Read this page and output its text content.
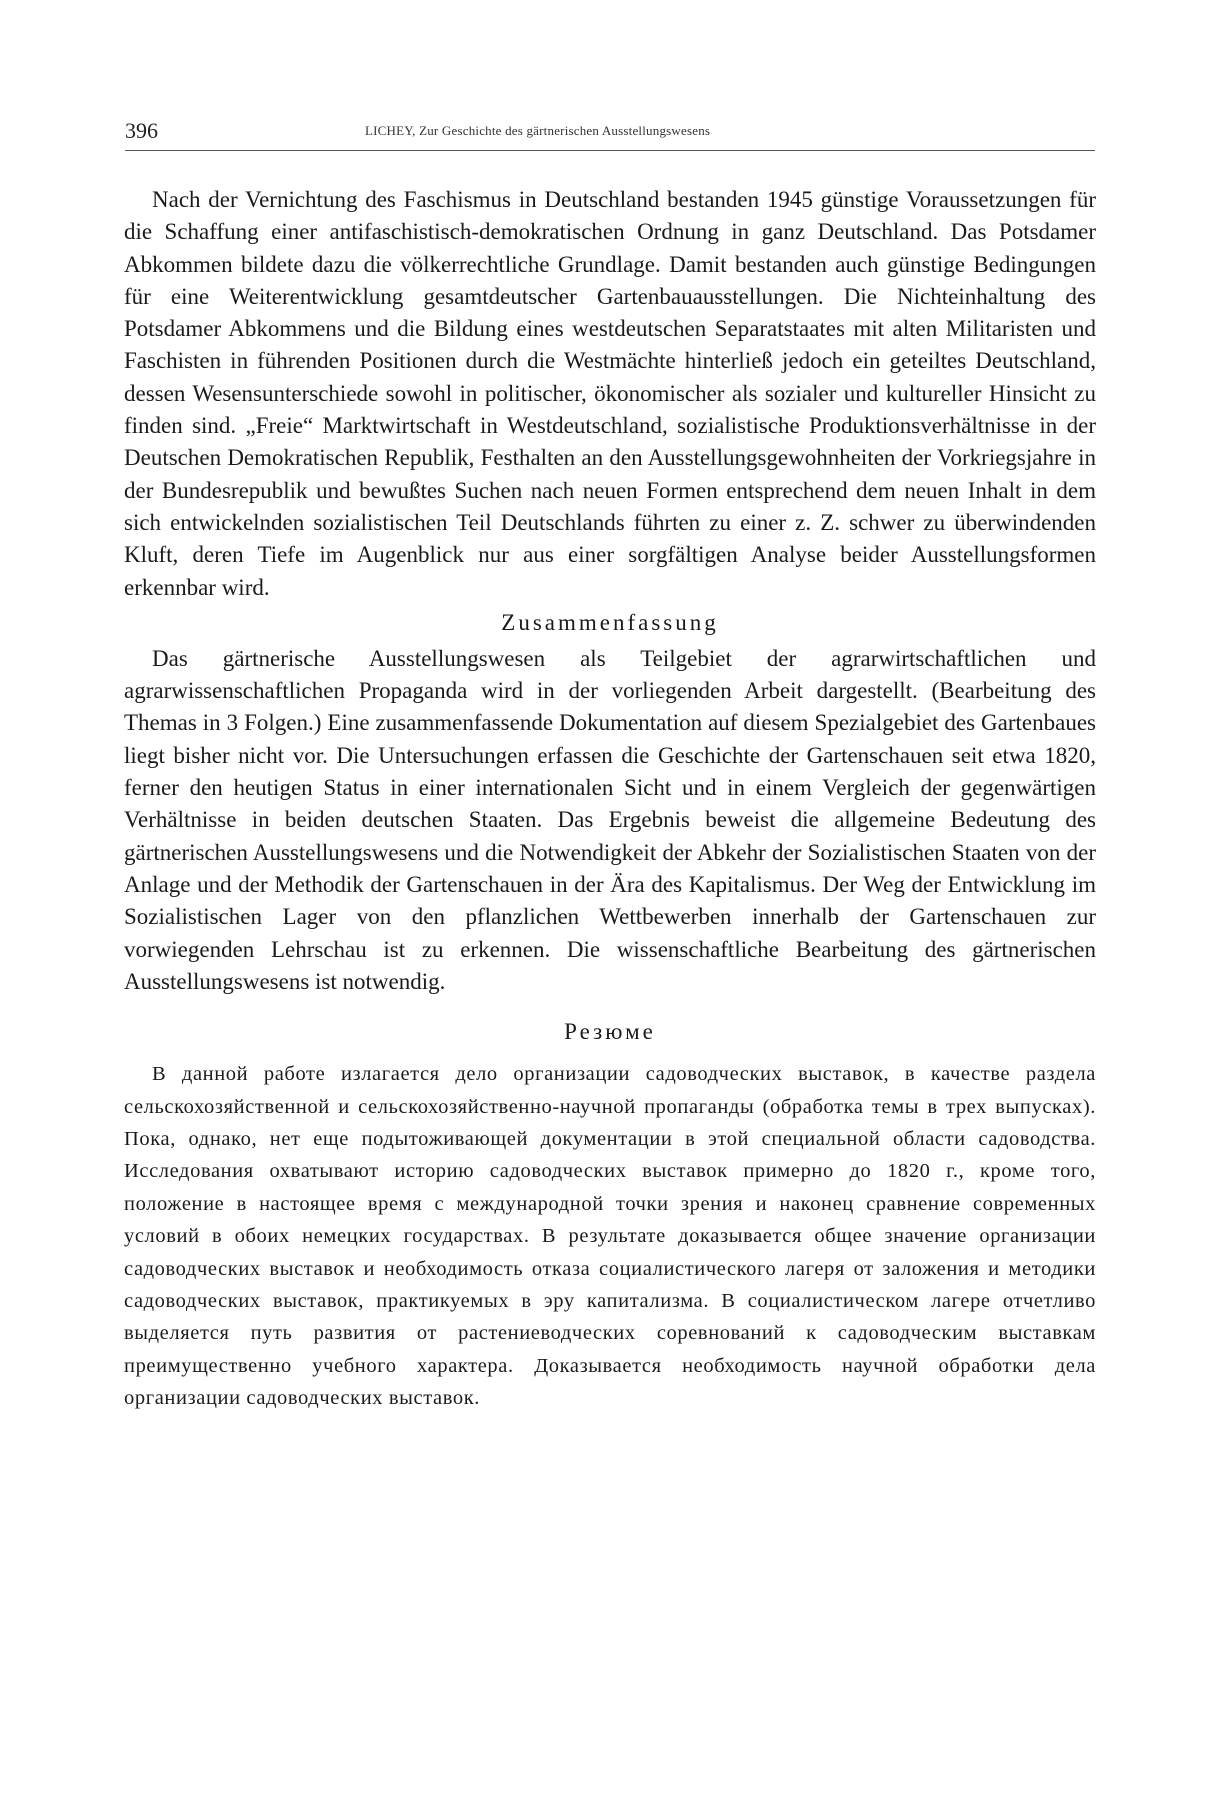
396	LICHEY, Zur Geschichte des gärtnerischen Ausstellungswesens

Nach der Vernichtung des Faschismus in Deutschland bestanden 1945 günstige Voraussetzungen für die Schaffung einer antifaschistisch-demokratischen Ordnung in ganz Deutschland. Das Potsdamer Abkommen bildete dazu die völkerrechtliche Grundlage. Damit bestanden auch günstige Bedingungen für eine Weiterentwicklung gesamtdeutscher Gartenbauausstellungen. Die Nichteinhaltung des Potsdamer Abkommens und die Bildung eines westdeutschen Separatstaates mit alten Militaristen und Faschisten in führenden Positionen durch die Westmächte hinterließ jedoch ein geteiltes Deutschland, dessen Wesensunterschiede sowohl in politischer, ökonomischer als sozialer und kultureller Hinsicht zu finden sind. „Freie“ Marktwirtschaft in Westdeutschland, sozialistische Produktionsverhältnisse in der Deutschen Demokratischen Republik, Festhalten an den Ausstellungsgewohnheiten der Vorkriegsjahre in der Bundesrepublik und bewußtes Suchen nach neuen Formen entsprechend dem neuen Inhalt in dem sich entwickelnden sozialistischen Teil Deutschlands führten zu einer z. Z. schwer zu überwindenden Kluft, deren Tiefe im Augenblick nur aus einer sorgfältigen Analyse beider Ausstellungsformen erkennbar wird.

Zusammenfassung

Das gärtnerische Ausstellungswesen als Teilgebiet der agrarwirtschaftlichen und agrarwissenschaftlichen Propaganda wird in der vorliegenden Arbeit dargestellt. (Bearbeitung des Themas in 3 Folgen.) Eine zusammenfassende Dokumentation auf diesem Spezialgebiet des Gartenbaues liegt bisher nicht vor. Die Untersuchungen erfassen die Geschichte der Gartenschauen seit etwa 1820, ferner den heutigen Status in einer internationalen Sicht und in einem Vergleich der gegenwärtigen Verhältnisse in beiden deutschen Staaten. Das Ergebnis beweist die allgemeine Bedeutung des gärtnerischen Ausstellungswesens und die Notwendigkeit der Abkehr der Sozialistischen Staaten von der Anlage und der Methodik der Gartenschauen in der Ära des Kapitalismus. Der Weg der Entwicklung im Sozialistischen Lager von den pflanzlichen Wettbewerben innerhalb der Gartenschauen zur vorwiegenden Lehrschau ist zu erkennen. Die wissenschaftliche Bearbeitung des gärtnerischen Ausstellungswesens ist notwendig.

Резюме

В данной работе излагается дело организации садоводческих выставок, в качестве раздела сельскохозяйственной и сельскохозяйственно-научной пропаганды (обработка темы в трех выпусках). Пока, однако, нет еще подытоживающей документации в этой специальной области садоводства. Исследования охватывают историю садоводческих выставок примерно до 1820 г., кроме того, положение в настоящее время с международной точки зрения и наконец сравнение современных условий в обоих немецких государствах. В результате доказывается общее значение организации садоводческих выставок и необходимость отказа социалистического лагеря от заложения и методики садоводческих выставок, практикуемых в эру капитализма. В социалистическом лагере отчетливо выделяется путь развития от растениеводческих соревнований к садоводческим выставкам преимущественно учебного характера. Доказывается необходимость научной обработки дела организации садоводческих выставок.
